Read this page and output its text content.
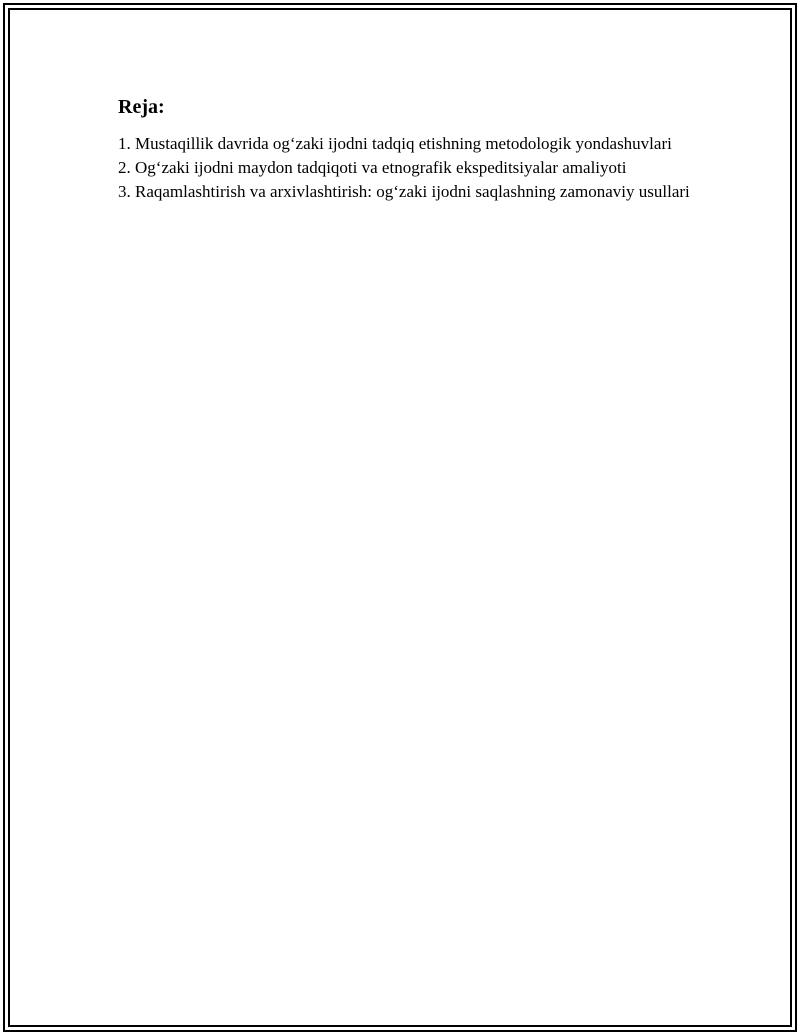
Reja:
1. Mustaqillik davrida og‘zaki ijodni tadqiq etishning metodologik yondashuvlari
2. Og‘zaki ijodni maydon tadqiqoti va etnografik ekspeditsiyalar amaliyoti
3. Raqamlashtirish va arxivlashtirish: og‘zaki ijodni saqlashning zamonaviy usullari
